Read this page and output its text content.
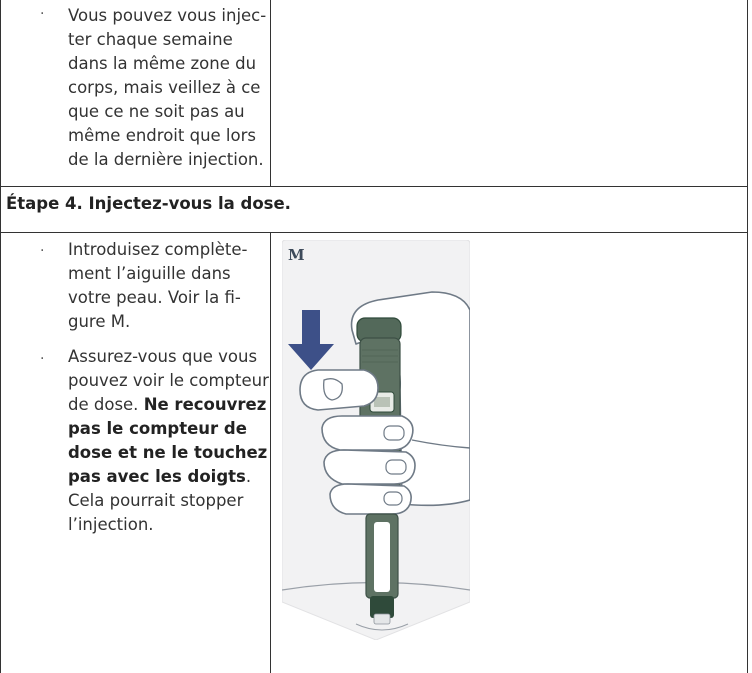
· Vous pouvez vous injec-
ter chaque semaine
dans la même zone du
corps, mais veillez à ce
que ce ne soit pas au
même endroit que lors
de la dernière injection.
Étape 4. Injectez-vous la dose.
· Introduisez complète-
ment l’aiguille dans
votre peau. Voir la fi-
gure M.
· Assurez-vous que vous
pouvez voir le compteur
de dose. Ne recouvrez
pas le compteur de
dose et ne le touchez
pas avec les doigts.
Cela pourrait stopper
l’injection.
M
